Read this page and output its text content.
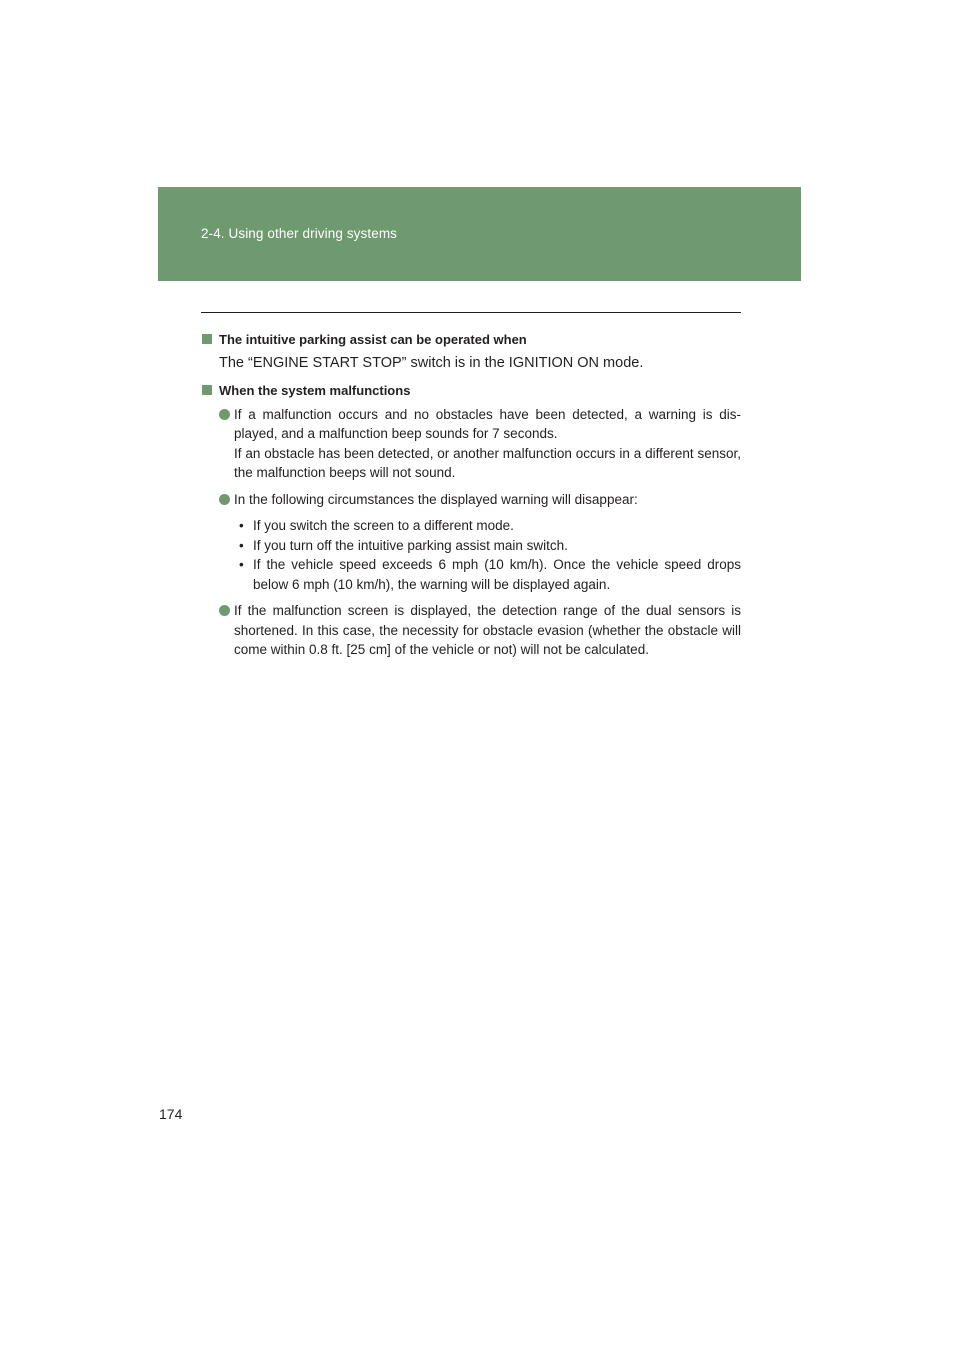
2-4. Using other driving systems
The intuitive parking assist can be operated when
The “ENGINE START STOP” switch is in the IGNITION ON mode.
When the system malfunctions

If a malfunction occurs and no obstacles have been detected, a warning is dis-played, and a malfunction beep sounds for 7 seconds.

If an obstacle has been detected, or another malfunction occurs in a different sensor, the malfunction beeps will not sound.

In the following circumstances the displayed warning will disappear:

• If you switch the screen to a different mode.
• If you turn off the intuitive parking assist main switch.
• If the vehicle speed exceeds 6 mph (10 km/h). Once the vehicle speed drops below 6 mph (10 km/h), the warning will be displayed again.

If the malfunction screen is displayed, the detection range of the dual sensors is shortened. In this case, the necessity for obstacle evasion (whether the obstacle will come within 0.8 ft. [25 cm] of the vehicle or not) will not be calculated.

174
